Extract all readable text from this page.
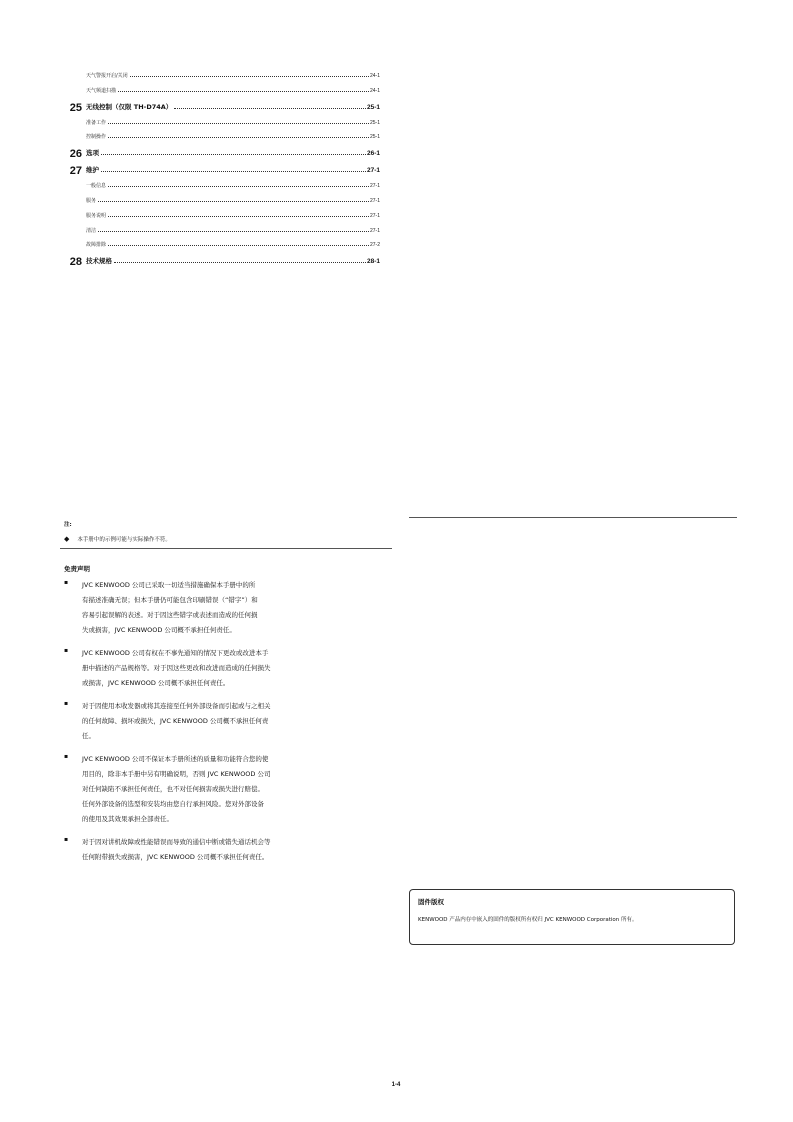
天气警报开启/关闭	24-1
天气频道扫描	24-1
25 无线控制（仅限 TH-D74A）	25-1
准备工作	25-1
控制操作	25-1
26 选项	26-1
27 维护	27-1
一般信息	27-1
服务	27-1
服务说明	27-1
清洁	27-1
故障排除	27-2
28 技术规格	28-1
注:
◆ 本手册中的示例可能与实际操作不符。
免责声明
▪ JVC KENWOOD 公司已采取一切适当措施确保本手册中的所
有描述准确无误；但本手册仍可能包含印刷错误（“错字”）和
容易引起误解的表述。对于因这些错字或表述而造成的任何损
失或损害，JVC KENWOOD 公司概不承担任何责任。
▪ JVC KENWOOD 公司有权在不事先通知的情况下更改或改进本手
册中描述的产品规格等。对于因这些更改和改进而造成的任何损失
或损害，JVC KENWOOD 公司概不承担任何责任。
▪ 对于因使用本收发器或将其连接至任何外部设备而引起或与之相关
的任何故障、损坏或损失，JVC KENWOOD 公司概不承担任何责
任。
▪ JVC KENWOOD 公司不保证本手册所述的质量和功能符合您的使
用目的，除非本手册中另有明确说明，否则 JVC KENWOOD 公司
对任何缺陷不承担任何责任，也不对任何损害或损失进行赔偿。
任何外部设备的选型和安装均由您自行承担风险。您对外部设备
的使用及其效果承担全部责任。
▪ 对于因对讲机故障或性能错误而导致的通信中断或错失通话机会等
任何附带损失或损害，JVC KENWOOD 公司概不承担任何责任。
固件版权
KENWOOD 产品内存中嵌入的固件的版权所有权归 JVC KENWOOD Corporation 所有。
1-4
